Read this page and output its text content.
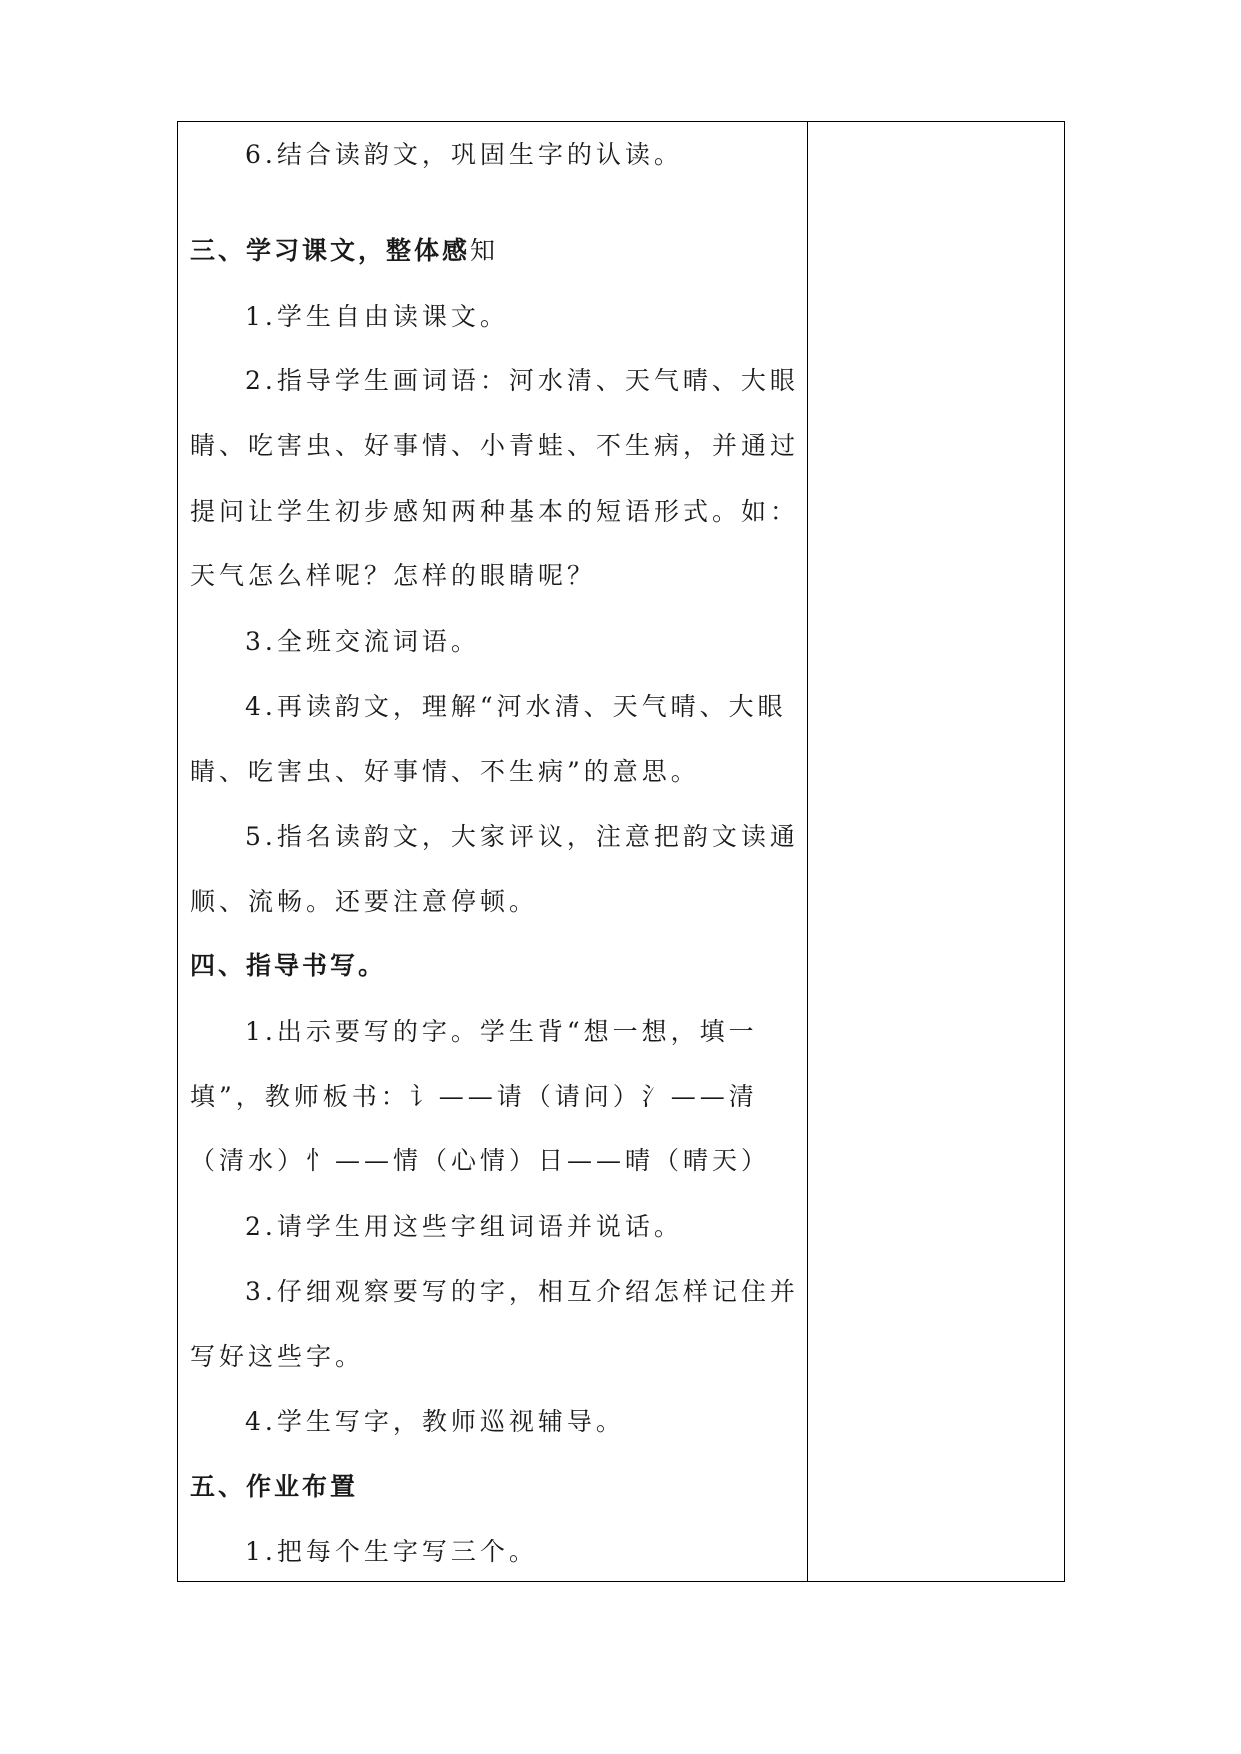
6.结合读韵文，巩固生字的认读。
三、学习课文，整体感知
1.学生自由读课文。
2.指导学生画词语：河水清、天气晴、大眼
睛、吃害虫、好事情、小青蛙、不生病，并通过
提问让学生初步感知两种基本的短语形式。如：
天气怎么样呢？怎样的眼睛呢？
3.全班交流词语。
4.再读韵文，理解“河水清、天气晴、大眼
睛、吃害虫、好事情、不生病”的意思。
5.指名读韵文，大家评议，注意把韵文读通
顺、流畅。还要注意停顿。
四、指导书写。
1.出示要写的字。学生背“想一想，填一
填”，教师板书：讠——请（请问）氵——清
（清水）忄——情（心情）日——晴（晴天）
2.请学生用这些字组词语并说话。
3.仔细观察要写的字，相互介绍怎样记住并
写好这些字。
4.学生写字，教师巡视辅导。
五、作业布置
1.把每个生字写三个。
